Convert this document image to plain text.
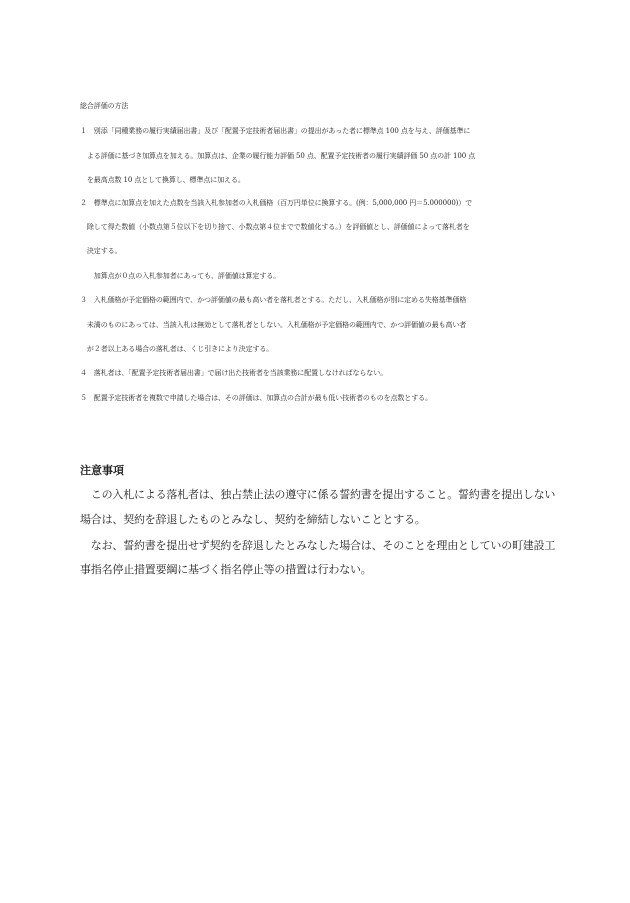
総合評価の方法
１　別添「同種業務の履行実績届出書」及び「配置予定技術者届出書」の提出があった者に標準点 100 点を与え、評価基準に
　よる評価に基づき加算点を加える。加算点は、企業の履行能力評価 50 点、配置予定技術者の履行実績評価 50 点の計 100 点
　を最高点数 10 点として換算し、標準点に加える。
２　標準点に加算点を加えた点数を当該入札参加者の入札価格（百万円単位に換算する。(例：5,000,000 円＝5.000000)）で
　除して得た数値（小数点第５位以下を切り捨て、小数点第４位までで数値化する。）を評価値とし、評価値によって落札者を
　決定する。
　　加算点が０点の入札参加者にあっても、評価値は算定する。
３　入札価格が予定価格の範囲内で、かつ評価値の最も高い者を落札者とする。ただし、入札価格が別に定める失格基準価格
　未満のものにあっては、当該入札は無効として落札者としない。入札価格が予定価格の範囲内で、かつ評価値の最も高い者
　が２者以上ある場合の落札者は、くじ引きにより決定する。
４　落札者は、「配置予定技術者届出書」で届け出た技術者を当該業務に配置しなければならない。
５　配置予定技術者を複数で申請した場合は、その評価は、加算点の合計が最も低い技術者のものを点数とする。
注意事項
　この入札による落札者は、独占禁止法の遵守に係る誓約書を提出すること。誓約書を提出しない
場合は、契約を辞退したものとみなし、契約を締結しないこととする。
　なお、誓約書を提出せず契約を辞退したとみなした場合は、そのことを理由としていの町建設工
事指名停止措置要綱に基づく指名停止等の措置は行わない。
